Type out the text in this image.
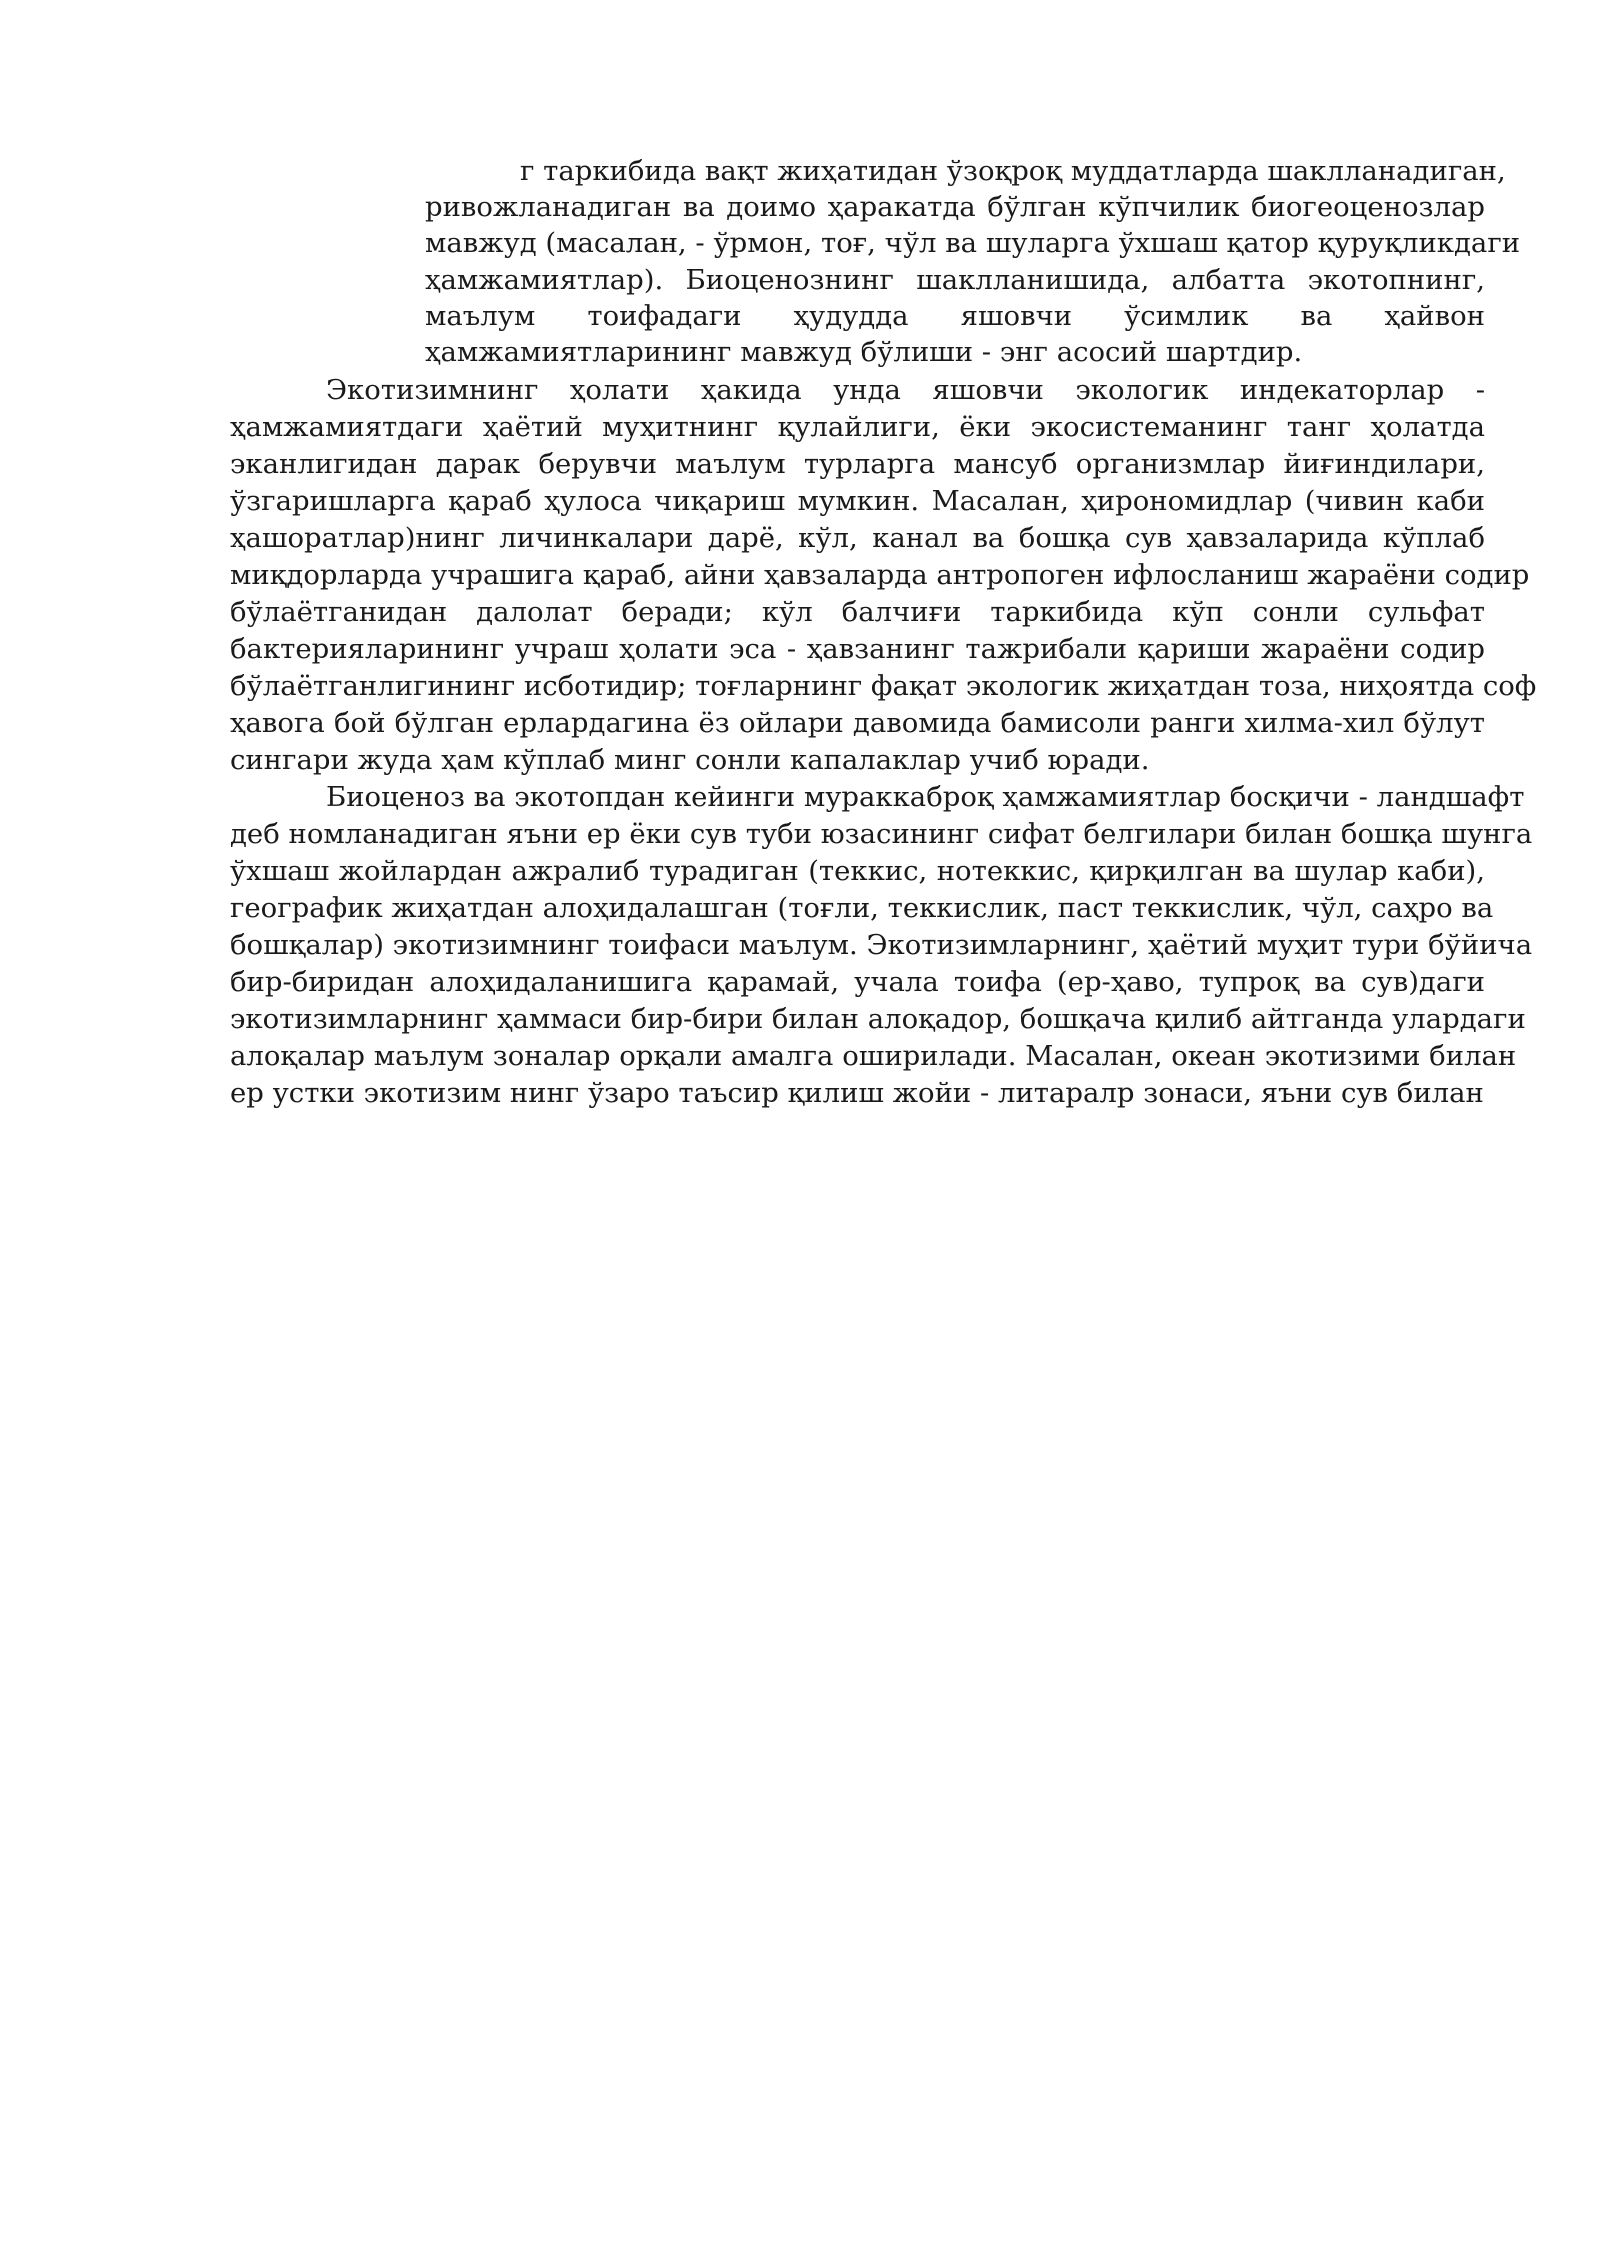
г таркибида вақт жиҳатидан ўзоқроқ муддатларда шаклланадиган,
ривожланадиган ва доимо ҳаракатда бўлган кўпчилик биогеоценозлар
мавжуд (масалан, - ўрмон, тоғ, чўл ва шуларга ўхшаш қатор қуруқликдаги
ҳамжамиятлар). Биоценознинг шаклланишида, албатта экотопнинг,
маълум тоифадаги ҳудудда яшовчи ўсимлик ва ҳайвон
ҳамжамиятларининг мавжуд бўлиши - энг асосий шартдир.
Экотизимнинг ҳолати ҳакида унда яшовчи экологик индекаторлар -
ҳамжамиятдаги ҳаётий муҳитнинг қулайлиги, ёки экосистеманинг танг ҳолатда
эканлигидан дарак берувчи маълум турларга мансуб организмлар йиғиндилари,
ўзгаришларга қараб ҳулоса чиқариш мумкин. Масалан, ҳирономидлар (чивин каби
ҳашоратлар)нинг личинкалари дарё, кўл, канал ва бошқа сув ҳавзаларида кўплаб
миқдорларда учрашига қараб, айни ҳавзаларда антропоген ифлосланиш жараёни содир
бўлаётганидан далолат беради; кўл балчиғи таркибида кўп сонли сульфат
бактерияларининг учраш ҳолати эса - ҳавзанинг тажрибали қариши жараёни содир
бўлаётганлигининг исботидир; тоғларнинг фақат экологик жиҳатдан тоза, ниҳоятда соф
ҳавога бой бўлган ерлардагина ёз ойлари давомида бамисоли ранги хилма-хил бўлут
сингари жуда ҳам кўплаб минг сонли капалаклар учиб юради.
Биоценоз ва экотопдан кейинги мураккаброқ ҳамжамиятлар босқичи - ландшафт
деб номланадиган яъни ер ёки сув туби юзасининг сифат белгилари билан бошқа шунга
ўхшаш жойлардан ажралиб турадиган (теккис, нотеккис, қирқилган ва шулар каби),
географик жиҳатдан алоҳидалашган (тоғли, теккислик, паст теккислик, чўл, саҳро ва
бошқалар) экотизимнинг тоифаси маълум. Экотизимларнинг, ҳаётий муҳит тури бўйича
бир-биридан алоҳидаланишига қарамай, учала тоифа (ер-ҳаво, тупроқ ва сув)даги
экотизимларнинг ҳаммаси бир-бири билан алоқадор, бошқача қилиб айтганда улардаги
алоқалар маълум зоналар орқали амалга оширилади. Масалан, океан экотизими билан
ер устки экотизим нинг ўзаро таъсир қилиш жойи - литаралр зонаси, яъни сув билан
